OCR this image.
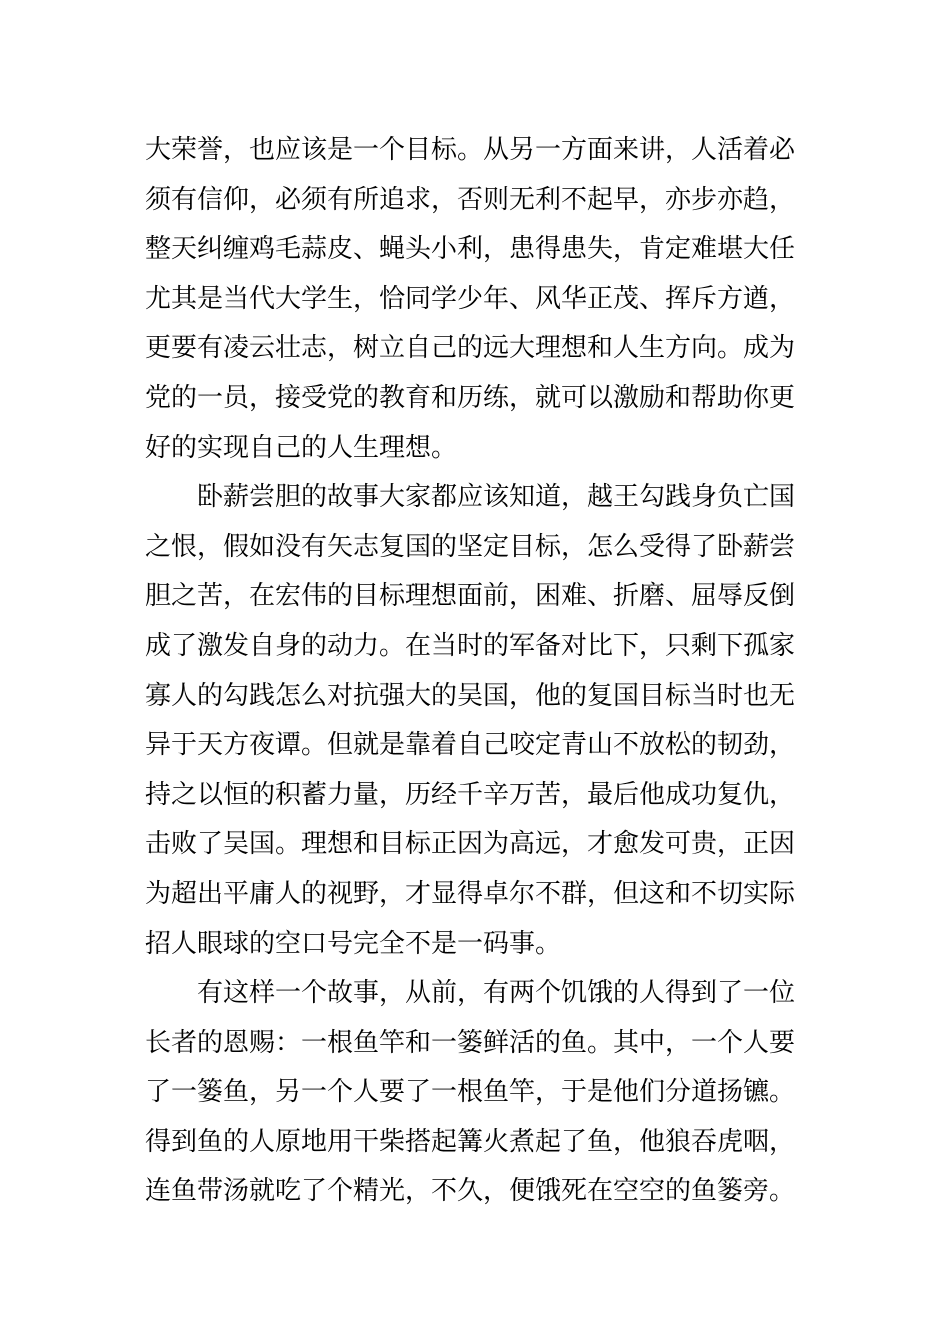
大荣誉，也应该是一个目标。从另一方面来讲，人活着必
须有信仰，必须有所追求，否则无利不起早，亦步亦趋，
整天纠缠鸡毛蒜皮、蝇头小利，患得患失，肯定难堪大任
尤其是当代大学生，恰同学少年、风华正茂、挥斥方遒，
更要有凌云壮志，树立自己的远大理想和人生方向。成为
党的一员，接受党的教育和历练，就可以激励和帮助你更
好的实现自己的人生理想。
卧薪尝胆的故事大家都应该知道，越王勾践身负亡国
之恨，假如没有矢志复国的坚定目标，怎么受得了卧薪尝
胆之苦，在宏伟的目标理想面前，困难、折磨、屈辱反倒
成了激发自身的动力。在当时的军备对比下，只剩下孤家
寡人的勾践怎么对抗强大的吴国，他的复国目标当时也无
异于天方夜谭。但就是靠着自己咬定青山不放松的韧劲，
持之以恒的积蓄力量，历经千辛万苦，最后他成功复仇，
击败了吴国。理想和目标正因为高远，才愈发可贵，正因
为超出平庸人的视野，才显得卓尔不群，但这和不切实际
招人眼球的空口号完全不是一码事。
有这样一个故事，从前，有两个饥饿的人得到了一位
长者的恩赐：一根鱼竿和一篓鲜活的鱼。其中，一个人要
了一篓鱼，另一个人要了一根鱼竿，于是他们分道扬镳。
得到鱼的人原地用干柴搭起篝火煮起了鱼，他狼吞虎咽，
连鱼带汤就吃了个精光，不久，便饿死在空空的鱼篓旁。
